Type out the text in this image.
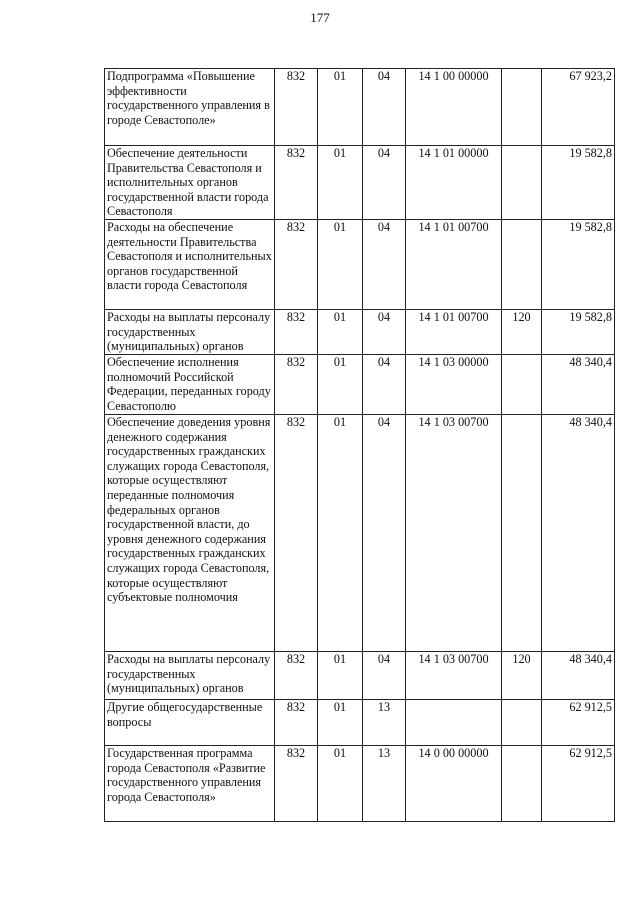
177
Подпрограмма «Повышение эффективности государственного управления в городе Севастополе»	832	01	04	14 1 00 00000		67 923,2
Обеспечение деятельности Правительства Севастополя и исполнительных органов государственной власти города Севастополя	832	01	04	14 1 01 00000		19 582,8
Расходы на обеспечение деятельности Правительства Севастополя и исполнительных органов государственной власти города Севастополя	832	01	04	14 1 01 00700		19 582,8
Расходы на выплаты персоналу государственных (муниципальных) органов	832	01	04	14 1 01 00700	120	19 582,8
Обеспечение исполнения полномочий Российской Федерации, переданных городу Севастополю	832	01	04	14 1 03 00000		48 340,4
Обеспечение доведения уровня денежного содержания государственных гражданских служащих города Севастополя, которые осуществляют переданные полномочия федеральных органов государственной власти, до уровня денежного содержания государственных гражданских служащих города Севастополя, которые осуществляют субъектовые полномочия	832	01	04	14 1 03 00700		48 340,4
Расходы на выплаты персоналу государственных (муниципальных) органов	832	01	04	14 1 03 00700	120	48 340,4
Другие общегосударственные вопросы	832	01	13			62 912,5
Государственная программа города Севастополя «Развитие государственного управления города Севастополя»	832	01	13	14 0 00 00000		62 912,5
